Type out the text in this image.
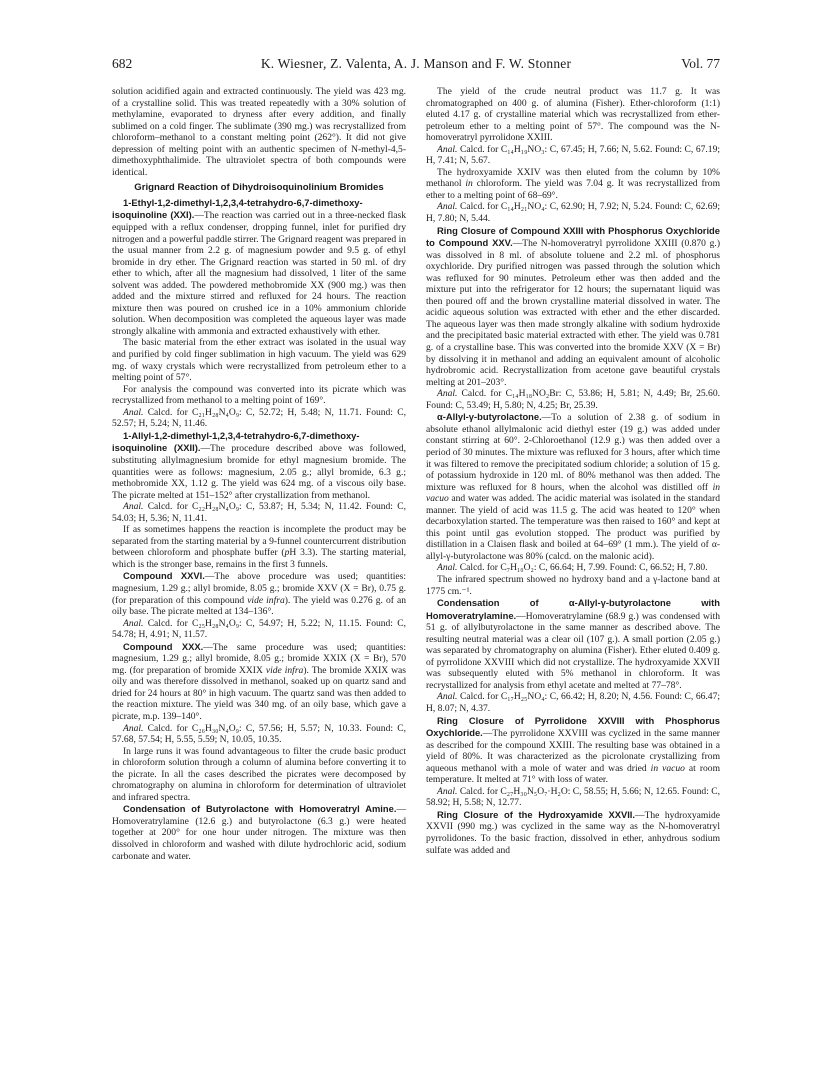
682	K. Wiesner, Z. Valenta, A. J. Manson and F. W. Stonner	Vol. 77

solution acidified again and extracted continuously. The yield was 423 mg. of a crystalline solid. This was treated repeatedly with a 30% solution of methylamine, evaporated to dryness after every addition, and finally sublimed on a cold finger. The sublimate (390 mg.) was recrystallized from chloroform–methanol to a constant melting point (262°). It did not give depression of melting point with an authentic specimen of N-methyl-4,5-dimethoxyphthalimide. The ultraviolet spectra of both compounds were identical.

Grignard Reaction of Dihydroisoquinolinium Bromides

1-Ethyl-1,2-dimethyl-1,2,3,4-tetrahydro-6,7-dimethoxy-isoquinoline (XXI).—The reaction was carried out in a three-necked flask equipped with a reflux condenser, dropping funnel, inlet for purified dry nitrogen and a powerful paddle stirrer. The Grignard reagent was prepared in the usual manner from 2.2 g. of magnesium powder and 9.5 g. of ethyl bromide in dry ether. The Grignard reaction was started in 50 ml. of dry ether to which, after all the magnesium had dissolved, 1 liter of the same solvent was added. The powdered methobromide XX (900 mg.) was then added and the mixture stirred and refluxed for 24 hours. The reaction mixture then was poured on crushed ice in a 10% ammonium chloride solution. When decomposition was completed the aqueous layer was made strongly alkaline with ammonia and extracted exhaustively with ether.

The basic material from the ether extract was isolated in the usual way and purified by cold finger sublimation in high vacuum. The yield was 629 mg. of waxy crystals which were recrystallized from petroleum ether to a melting point of 57°.

For analysis the compound was converted into its picrate which was recrystallized from methanol to a melting point of 169°.

Anal. Calcd. for C₂₁H₂₈N₄O₉: C, 52.72; H, 5.48; N, 11.71. Found: C, 52.57; H, 5.24; N, 11.46.

1-Allyl-1,2-dimethyl-1,2,3,4-tetrahydro-6,7-dimethoxy-isoquinoline (XXII).—The procedure described above was followed, substituting allylmagnesium bromide for ethyl magnesium bromide. The quantities were as follows: magnesium, 2.05 g.; allyl bromide, 6.3 g.; methobromide XX, 1.12 g. The yield was 624 mg. of a viscous oily base. The picrate melted at 151–152° after crystallization from methanol.

Anal. Calcd. for C₂₂H₂₈N₄O₉: C, 53.87; H, 5.34; N, 11.42. Found: C, 54.03; H, 5.36; N, 11.41.

If as sometimes happens the reaction is incomplete the product may be separated from the starting material by a 9-funnel countercurrent distribution between chloroform and phosphate buffer (pH 3.3). The starting material, which is the stronger base, remains in the first 3 funnels.

Compound XXVI.—The above procedure was used; quantities: magnesium, 1.29 g.; allyl bromide, 8.05 g.; bromide XXV (X = Br), 0.75 g. (for preparation of this compound vide infra). The yield was 0.276 g. of an oily base. The picrate melted at 134–136°.

Anal. Calcd. for C₂₅H₂₈N₄O₉: C, 54.97; H, 5.22; N, 11.15. Found: C, 54.78; H, 4.91; N, 11.57.

Compound XXX.—The same procedure was used; quantities: magnesium, 1.29 g.; allyl bromide, 8.05 g.; bromide XXIX (X = Br), 570 mg. (for preparation of bromide XXIX vide infra). The bromide XXIX was oily and was therefore dissolved in methanol, soaked up on quartz sand and dried for 24 hours at 80° in high vacuum. The quartz sand was then added to the reaction mixture. The yield was 340 mg. of an oily base, which gave a picrate, m.p. 139–140°.

Anal. Calcd. for C₂₆H₃₀N₄O₉: C, 57.56; H, 5.57; N, 10.33. Found: C, 57.68, 57.54; H, 5.55, 5.59; N, 10.05, 10.35.

In large runs it was found advantageous to filter the crude basic product in chloroform solution through a column of alumina before converting it to the picrate. In all the cases described the picrates were decomposed by chromatography on alumina in chloroform for determination of ultraviolet and infrared spectra.

Condensation of Butyrolactone with Homoveratryl Amine.—Homoveratrylamine (12.6 g.) and butyrolactone (6.3 g.) were heated together at 200° for one hour under nitrogen. The mixture was then dissolved in chloroform and washed with dilute hydrochloric acid, sodium carbonate and water.

The yield of the crude neutral product was 11.7 g. It was chromatographed on 400 g. of alumina (Fisher). Ether-chloroform (1:1) eluted 4.17 g. of crystalline material which was recrystallized from ether-petroleum ether to a melting point of 57°. The compound was the N-homoveratryl pyrrolidone XXIII.

Anal. Calcd. for C₁₄H₁₉NO₃: C, 67.45; H, 7.66; N, 5.62. Found: C, 67.19; H, 7.41; N, 5.67.

The hydroxyamide XXIV was then eluted from the column by 10% methanol in chloroform. The yield was 7.04 g. It was recrystallized from ether to a melting point of 68–69°.

Anal. Calcd. for C₁₄H₂₁NO₄: C, 62.90; H, 7.92; N, 5.24. Found: C, 62.69; H, 7.80; N, 5.44.

Ring Closure of Compound XXIII with Phosphorus Oxychloride to Compound XXV.—The N-homoveratryl pyrrolidone XXIII (0.870 g.) was dissolved in 8 ml. of absolute toluene and 2.2 ml. of phosphorus oxychloride. Dry purified nitrogen was passed through the solution which was refluxed for 90 minutes. Petroleum ether was then added and the mixture put into the refrigerator for 12 hours; the supernatant liquid was then poured off and the brown crystalline material dissolved in water. The acidic aqueous solution was extracted with ether and the ether discarded. The aqueous layer was then made strongly alkaline with sodium hydroxide and the precipitated basic material extracted with ether. The yield was 0.781 g. of a crystalline base. This was converted into the bromide XXV (X = Br) by dissolving it in methanol and adding an equivalent amount of alcoholic hydrobromic acid. Recrystallization from acetone gave beautiful crystals melting at 201–203°.

Anal. Calcd. for C₁₄H₁₈NO₂Br: C, 53.86; H, 5.81; N, 4.49; Br, 25.60. Found: C, 53.49; H, 5.80; N, 4.25; Br, 25.39.

α-Allyl-γ-butyrolactone.—To a solution of 2.38 g. of sodium in absolute ethanol allylmalonic acid diethyl ester (19 g.) was added under constant stirring at 60°. 2-Chloroethanol (12.9 g.) was then added over a period of 30 minutes. The mixture was refluxed for 3 hours, after which time it was filtered to remove the precipitated sodium chloride; a solution of 15 g. of potassium hydroxide in 120 ml. of 80% methanol was then added. The mixture was refluxed for 8 hours, when the alcohol was distilled off in vacuo and water was added. The acidic material was isolated in the standard manner. The yield of acid was 11.5 g. The acid was heated to 120° when decarboxylation started. The temperature was then raised to 160° and kept at this point until gas evolution stopped. The product was purified by distillation in a Claisen flask and boiled at 64–69° (1 mm.). The yield of α-allyl-γ-butyrolactone was 80% (calcd. on the malonic acid).

Anal. Calcd. for C₇H₁₀O₂: C, 66.64; H, 7.99. Found: C, 66.52; H, 7.80.

The infrared spectrum showed no hydroxy band and a γ-lactone band at 1775 cm.⁻¹.

Condensation of α-Allyl-γ-butyrolactone with Homoveratrylamine.—Homoveratrylamine (68.9 g.) was condensed with 51 g. of allylbutyrolactone in the same manner as described above. The resulting neutral material was a clear oil (107 g.). A small portion (2.05 g.) was separated by chromatography on alumina (Fisher). Ether eluted 0.409 g. of pyrrolidone XXVIII which did not crystallize. The hydroxyamide XXVII was subsequently eluted with 5% methanol in chloroform. It was recrystallized for analysis from ethyl acetate and melted at 77–78°.

Anal. Calcd. for C₁₇H₂₅NO₄: C, 66.42; H, 8.20; N, 4.56. Found: C, 66.47; H, 8.07; N, 4.37.

Ring Closure of Pyrrolidone XXVIII with Phosphorus Oxychloride.—The pyrrolidone XXVIII was cyclized in the same manner as described for the compound XXIII. The resulting base was obtained in a yield of 80%. It was characterized as the picrolonate crystallizing from aqueous methanol with a mole of water and was dried in vacuo at room temperature. It melted at 71° with loss of water.

Anal. Calcd. for C₂₇H₃₀N₅O₇·H₂O: C, 58.55; H, 5.66; N, 12.65. Found: C, 58.92; H, 5.58; N, 12.77.

Ring Closure of the Hydroxyamide XXVII.—The hydroxyamide XXVII (990 mg.) was cyclized in the same way as the N-homoveratryl pyrrolidones. To the basic fraction, dissolved in ether, anhydrous sodium sulfate was added and
